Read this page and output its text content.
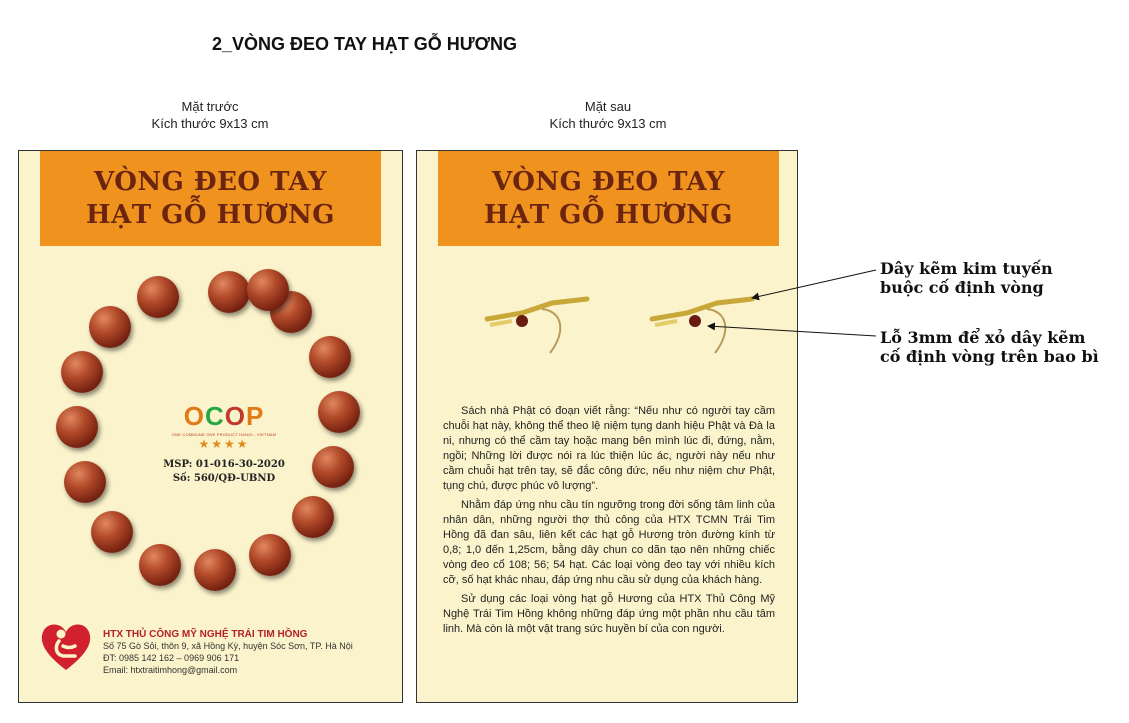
2_VÒNG ĐEO TAY HẠT GỖ HƯƠNG
Mặt trước
Kích thước 9x13 cm
Mặt sau
Kích thước 9x13 cm
VÒNG ĐEO TAY
HẠT GỖ HƯƠNG
OCOP
ONE COMMUNE ONE PRODUCT HANOI - VIETNAM
★★★★
MSP: 01-016-30-2020
Số: 560/QĐ-UBND
HTX THỦ CÔNG MỸ NGHỆ TRÁI TIM HỒNG
Số 75 Gò Sỏi, thôn 9, xã Hồng Kỳ, huyện Sóc Sơn, TP. Hà Nội
ĐT: 0985 142 162 – 0969 906 171
Email: htxtraitimhong@gmail.com
VÒNG ĐEO TAY
HẠT GỖ HƯƠNG

Sách nhà Phật có đoạn viết rằng: “Nếu như có người tay cầm chuỗi hạt này, không thể theo lệ niệm tụng danh hiệu Phật và Đà la ni, nhưng có thể cầm tay hoặc mang bên mình lúc đi, đứng, nằm, ngồi; Những lời được nói ra lúc thiện lúc ác, người này nếu như cầm chuỗi hạt trên tay, sẽ đắc công đức, nếu như niệm chư Phật, tụng chú, được phúc vô lượng”.

Nhằm đáp ứng nhu cầu tín ngưỡng trong đời sống tâm linh của nhân dân, những người thợ thủ công của HTX TCMN Trái Tim Hồng đã đan sâu, liên kết các hạt gỗ Hương tròn đường kính từ 0,8; 1,0 đến 1,25cm, bằng dây chun co dãn tạo nên những chiếc vòng đeo cổ 108; 56; 54 hạt. Các loại vòng đeo tay với nhiều kích cỡ, số hạt khác nhau, đáp ứng nhu cầu sử dụng của khách hàng.

Sử dụng các loại vòng hạt gỗ Hương của HTX Thủ Công Mỹ Nghệ Trái Tim Hồng không những đáp ứng một phần nhu cầu tâm linh. Mà còn là một vật trang sức huyền bí của con người.

Dây kẽm kim tuyến
buộc cố định vòng
Lỗ 3mm để xỏ dây kẽm
cố định vòng trên bao bì
